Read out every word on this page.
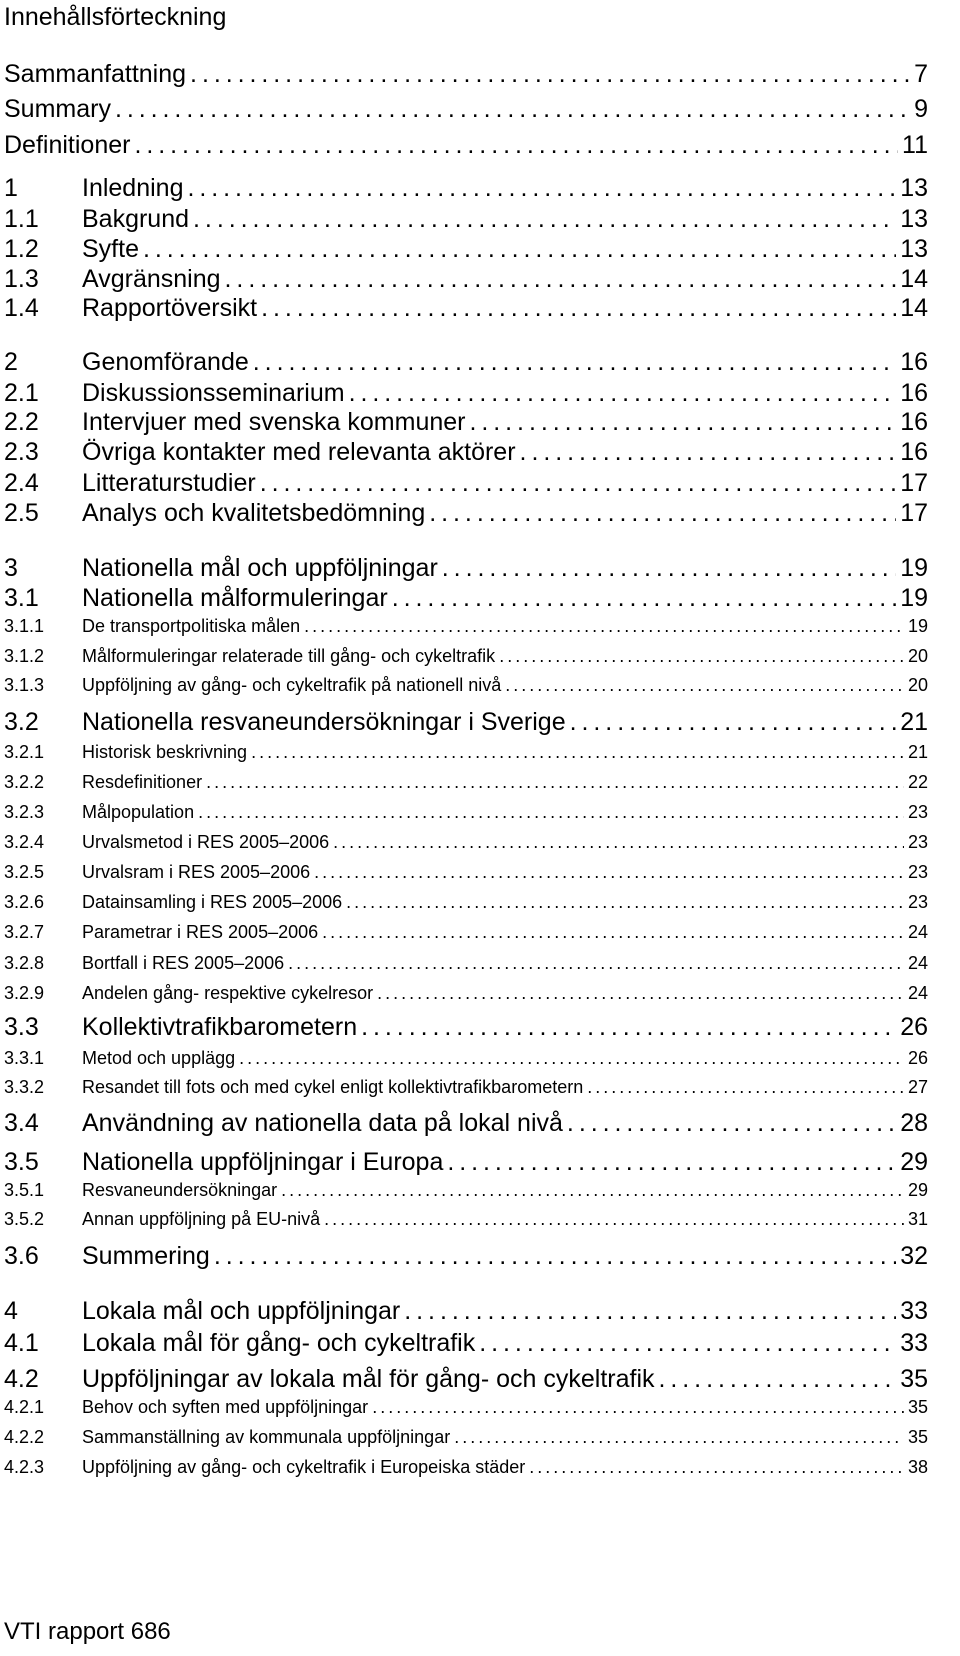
Innehållsförteckning
Sammanfattning . . .	7
Summary . . .	9
Definitioner . . .	11
1	Inledning . . .	13
1.1	Bakgrund . . .	13
1.2	Syfte . . .	13
1.3	Avgränsning . . .	14
1.4	Rapportöversikt . . .	14
2	Genomförande . . .	16
2.1	Diskussionsseminarium . . .	16
2.2	Intervjuer med svenska kommuner . . .	16
2.3	Övriga kontakter med relevanta aktörer . . .	16
2.4	Litteraturstudier . . .	17
2.5	Analys och kvalitetsbedömning . . .	17
3	Nationella mål och uppföljningar . . .	19
3.1	Nationella målformuleringar . . .	19
3.1.1	De transportpolitiska målen . . .	19
3.1.2	Målformuleringar relaterade till gång- och cykeltrafik . . .	20
3.1.3	Uppföljning av gång- och cykeltrafik på nationell nivå . . .	20
3.2	Nationella resvaneundersökningar i Sverige . . .	21
3.2.1	Historisk beskrivning . . .	21
3.2.2	Resdefinitioner . . .	22
3.2.3	Målpopulation . . .	23
3.2.4	Urvalsmetod i RES 2005–2006 . . .	23
3.2.5	Urvalsram i RES 2005–2006 . . .	23
3.2.6	Datainsamling i RES 2005–2006 . . .	23
3.2.7	Parametrar i RES 2005–2006 . . .	24
3.2.8	Bortfall i RES 2005–2006 . . .	24
3.2.9	Andelen gång- respektive cykelresor . . .	24
3.3	Kollektivtrafikbarometern . . .	26
3.3.1	Metod och upplägg . . .	26
3.3.2	Resandet till fots och med cykel enligt kollektivtrafikbarometern . . .	27
3.4	Användning av nationella data på lokal nivå . . .	28
3.5	Nationella uppföljningar i Europa . . .	29
3.5.1	Resvaneundersökningar . . .	29
3.5.2	Annan uppföljning på EU-nivå . . .	31
3.6	Summering . . .	32
4	Lokala mål och uppföljningar . . .	33
4.1	Lokala mål för gång- och cykeltrafik . . .	33
4.2	Uppföljningar av lokala mål för gång- och cykeltrafik . . .	35
4.2.1	Behov och syften med uppföljningar . . .	35
4.2.2	Sammanställning av kommunala uppföljningar . . .	35
4.2.3	Uppföljning av gång- och cykeltrafik i Europeiska städer . . .	38
VTI rapport 686
